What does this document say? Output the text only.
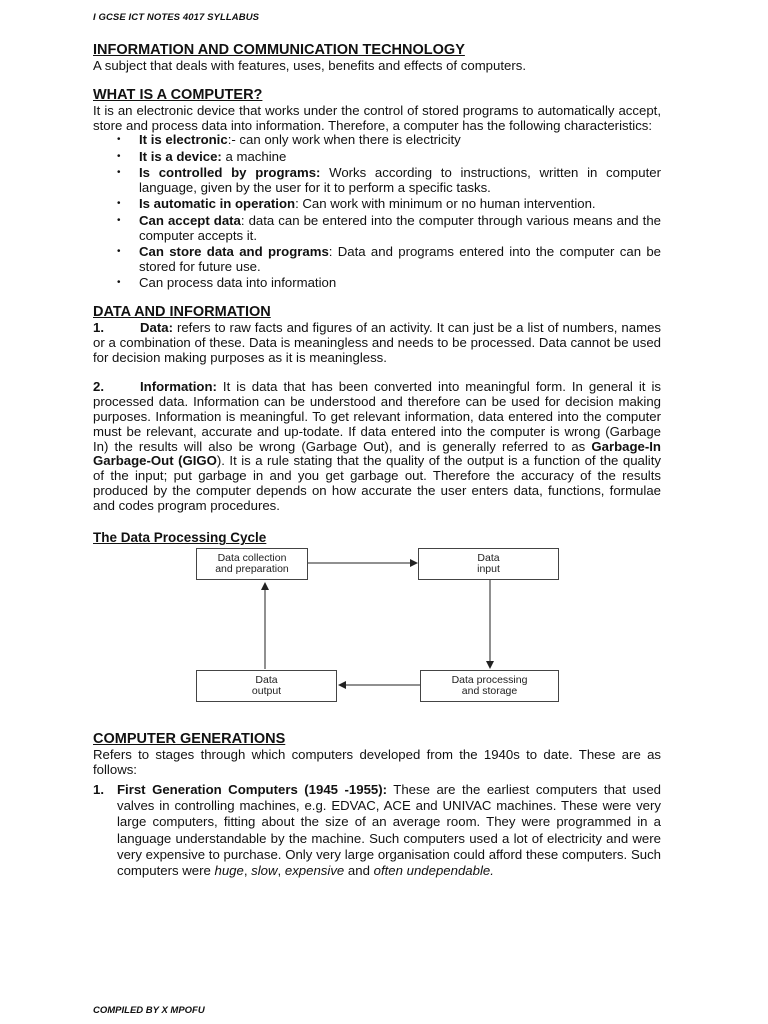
I GCSE ICT NOTES 4017 SYLLABUS
INFORMATION AND COMMUNICATION TECHNOLOGY

A subject that deals with features, uses, benefits and effects of computers.

WHAT IS A COMPUTER?

It is an electronic device that works under the control of stored programs to automatically accept, store and process data into information. Therefore, a computer has the following characteristics:

• It is electronic:- can only work when there is electricity
• It is a device: a machine
• Is controlled by programs: Works according to instructions, written in computer language, given by the user for it to perform a specific tasks.
• Is automatic in operation: Can work with minimum or no human intervention.
• Can accept data: data can be entered into the computer through various means and the computer accepts it.
• Can store data and programs: Data and programs entered into the computer can be stored for future use.
• Can process data into information
DATA AND INFORMATION

1.	Data: refers to raw facts and figures of an activity. It can just be a list of numbers, names or a combination of these. Data is meaningless and needs to be processed. Data cannot be used for decision making purposes as it is meaningless.

2.	Information: It is data that has been converted into meaningful form. In general it is processed data. Information can be understood and therefore can be used for decision making purposes. Information is meaningful. To get relevant information, data entered into the computer must be relevant, accurate and up-todate. If data entered into the computer is wrong (Garbage In) the results will also be wrong (Garbage Out), and is generally referred to as Garbage-In Garbage-Out (GIGO). It is a rule stating that the quality of the output is a function of the quality of the input; put garbage in and you get garbage out. Therefore the accuracy of the results produced by the computer depends on how accurate the user enters data, functions, formulae and codes program procedures.

The Data Processing Cycle

Data collection
and preparation
Data
input
Data processing
and storage
Data
output
COMPUTER GENERATIONS

Refers to stages through which computers developed from the 1940s to date. These are as follows:

1. First Generation Computers (1945 -1955): These are the earliest computers that used valves in controlling machines, e.g. EDVAC, ACE and UNIVAC machines. These were very large computers, fitting about the size of an average room. They were programmed in a language understandable by the machine. Such computers used a lot of electricity and were very expensive to purchase. Only very large organisation could afford these computers. Such computers were huge, slow, expensive and often undependable.
COMPILED BY X MPOFU
